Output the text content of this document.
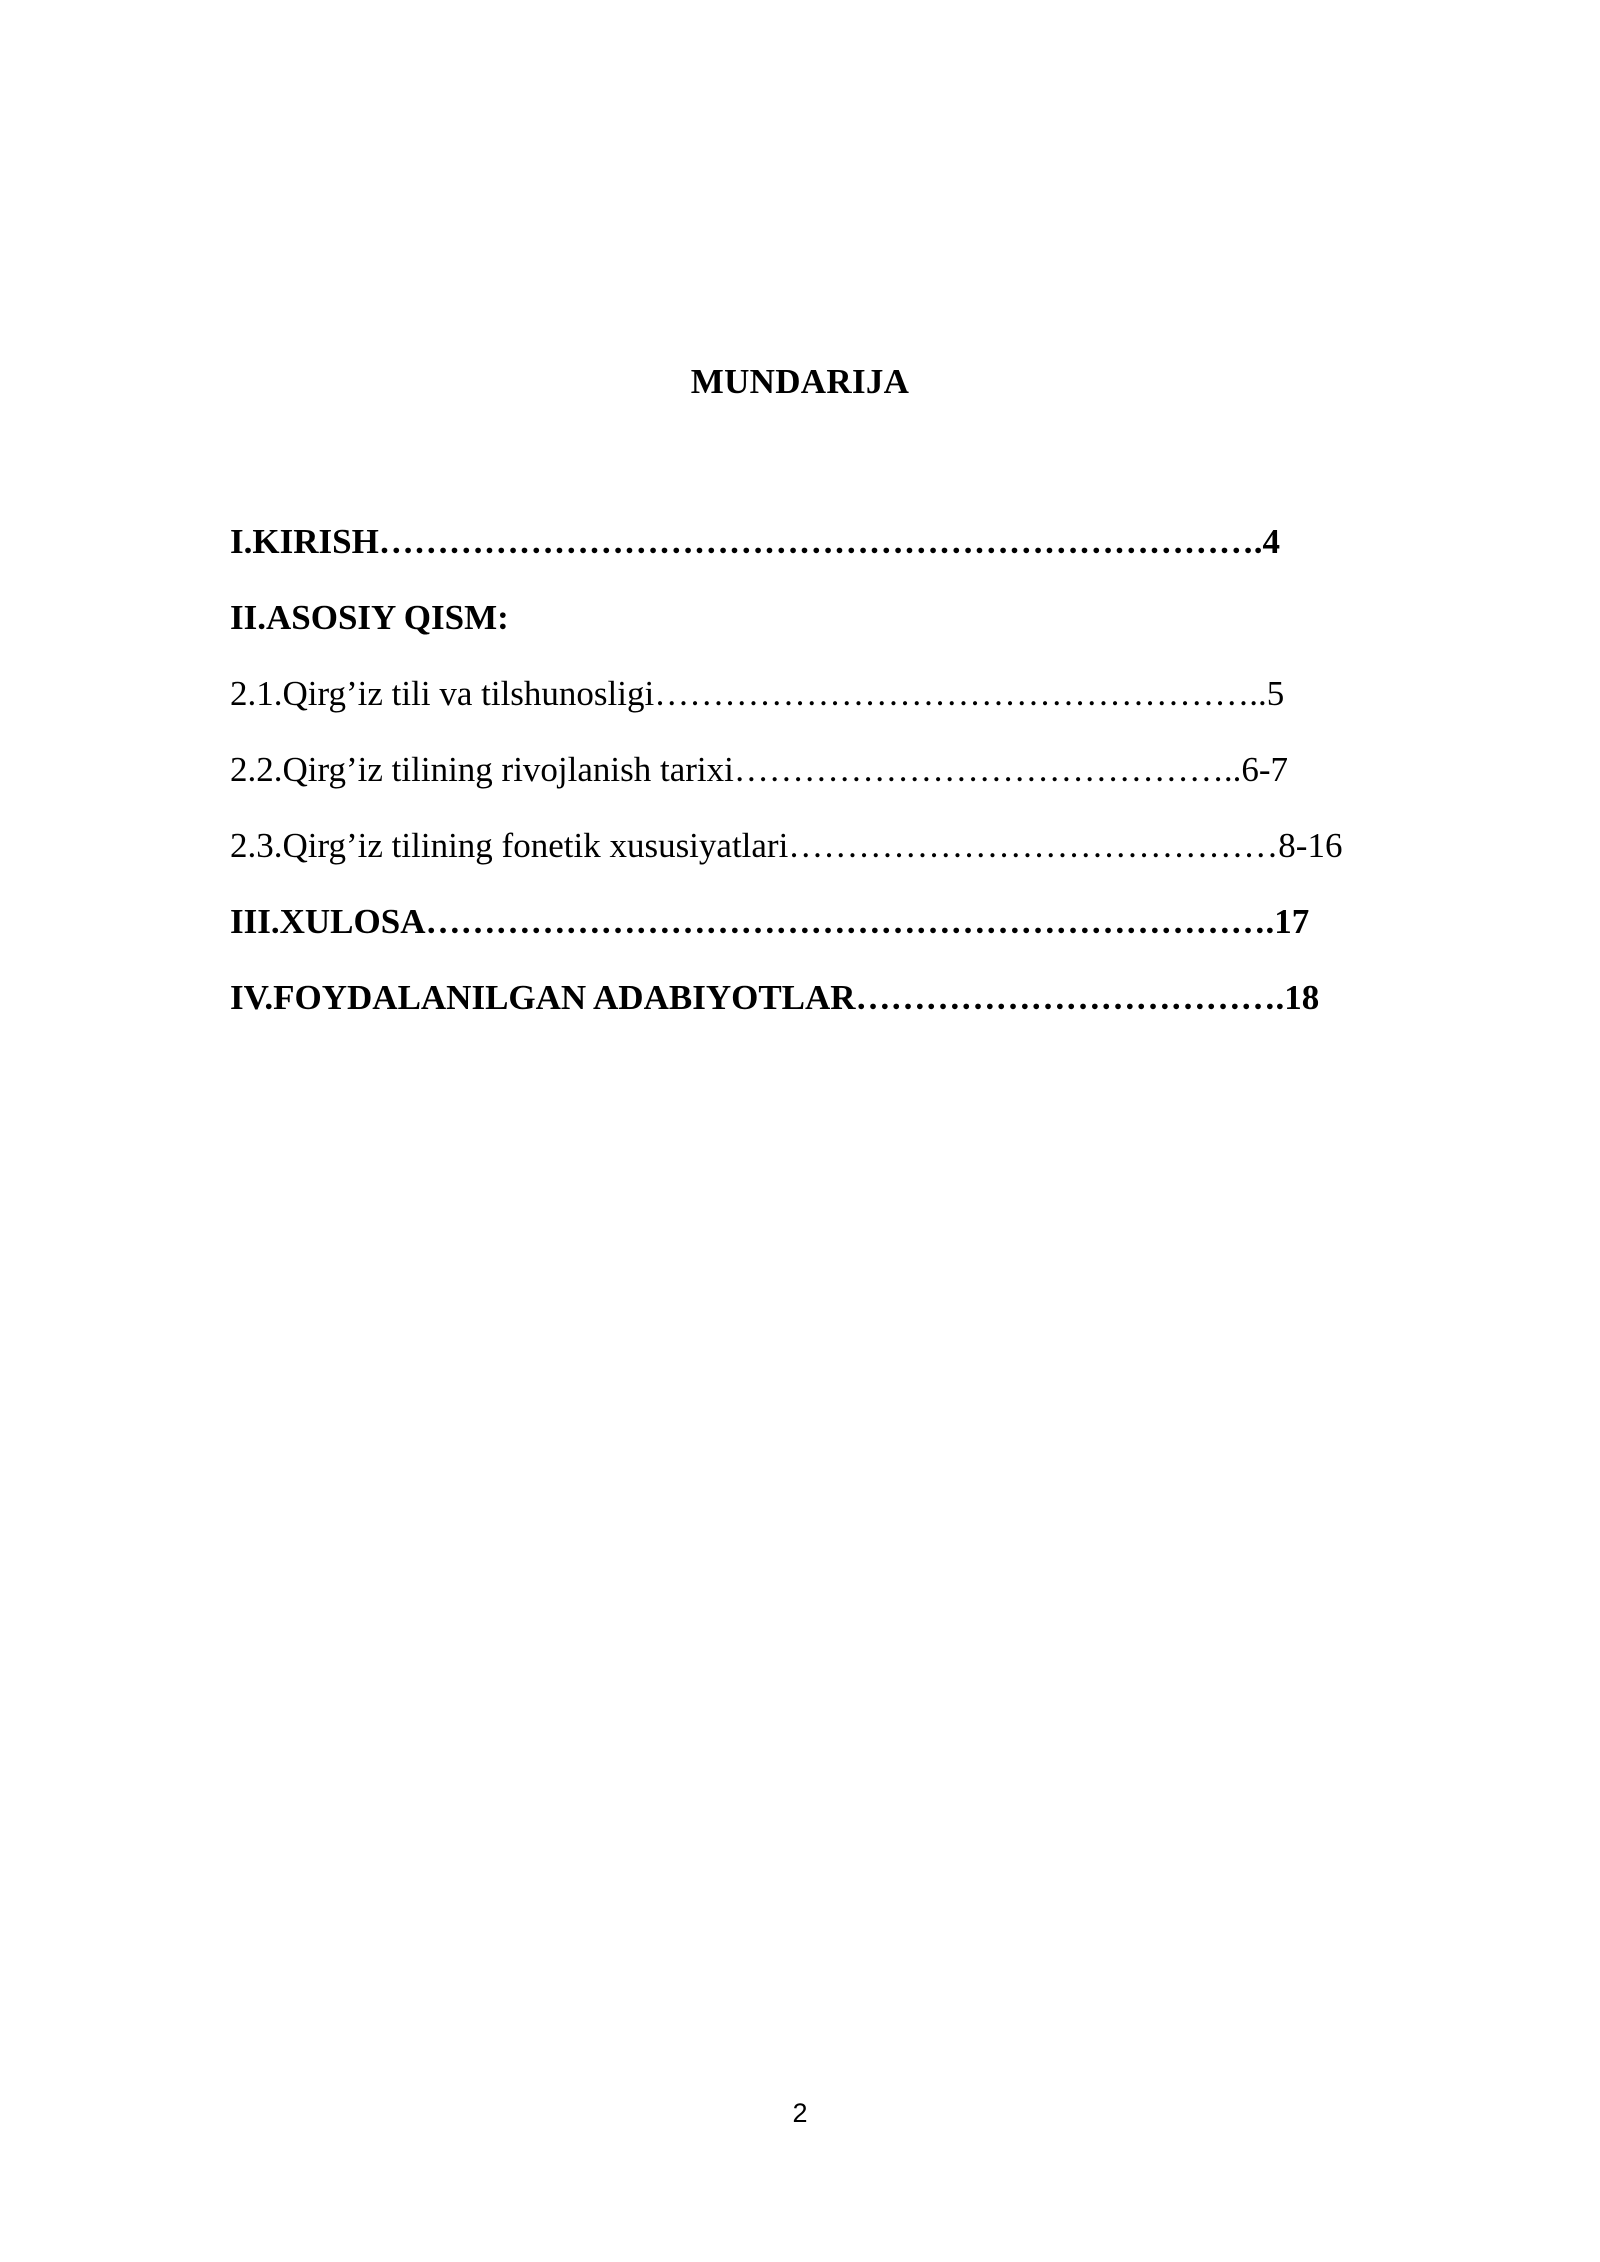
MUNDARIJA
I.KIRISH………………………………………………………………….4
II.ASOSIY QISM:
2.1.Qirg’iz tili va tilshunosligi……………………………………………..5
2.2.Qirg’iz tilining rivojlanish tarixi……………………………………..6-7
2.3.Qirg’iz tilining fonetik xususiyatlari……………………………………8-16
III.XULOSA……………………………………………………………….17
IV.FOYDALANILGAN ADABIYOTLAR……………………………….18
2
